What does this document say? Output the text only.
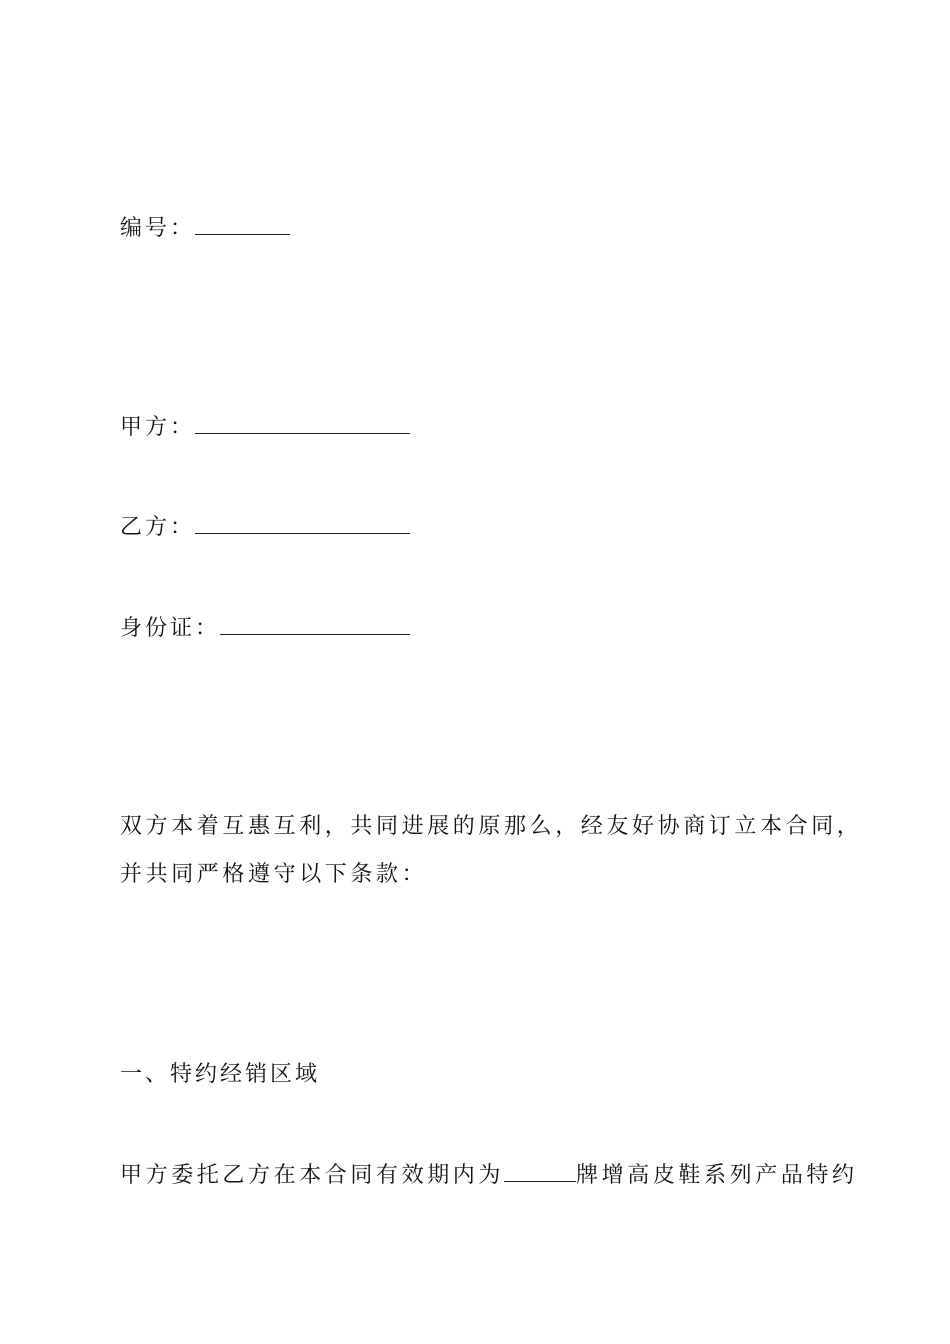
编号：
甲方：
乙方：
身份证：
双方本着互惠互利，共同进展的原那么，经友好协商订立本合同，
并共同严格遵守以下条款：
一、特约经销区域
甲方委托乙方在本合同有效期内为	牌增高皮鞋系列产品特约
